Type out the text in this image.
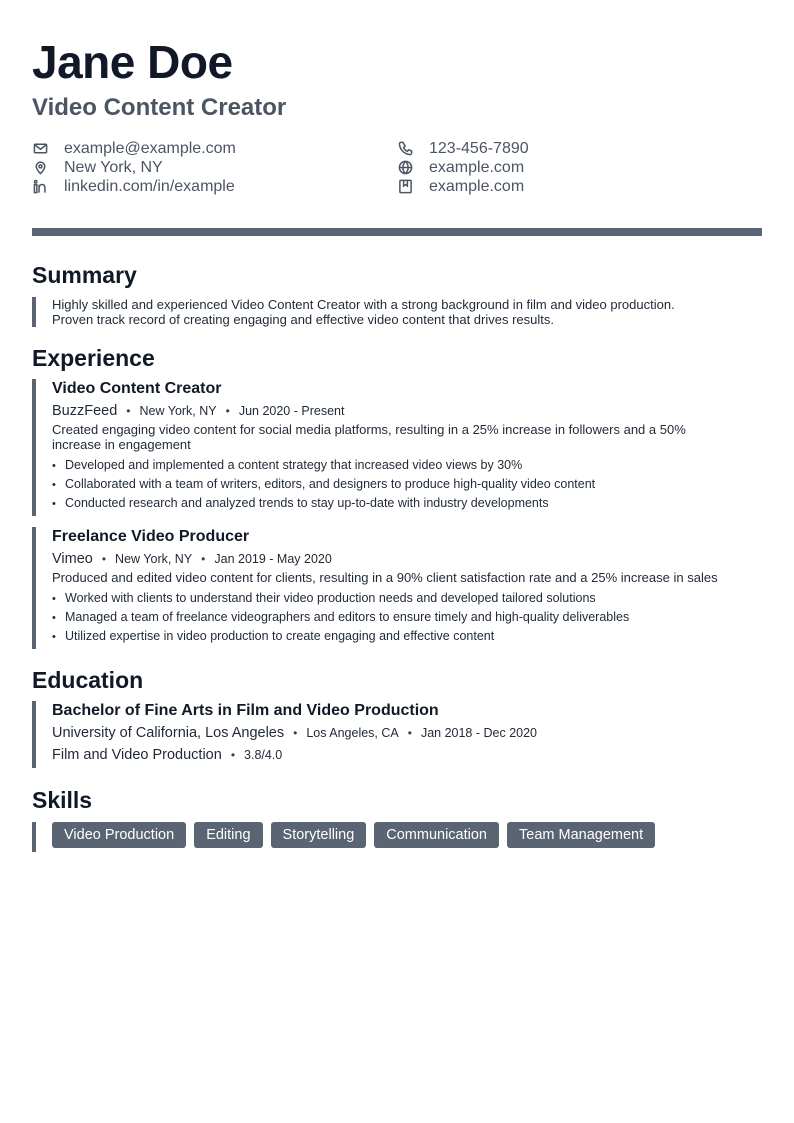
Jane Doe
Video Content Creator
example@example.com
New York, NY
linkedin.com/in/example
123-456-7890
example.com
example.com
Summary
Highly skilled and experienced Video Content Creator with a strong background in film and video production.
Proven track record of creating engaging and effective video content that drives results.
Experience
Video Content Creator
BuzzFeed • New York, NY • Jun 2020 - Present
Created engaging video content for social media platforms, resulting in a 25% increase in followers and a 50%
increase in engagement
• Developed and implemented a content strategy that increased video views by 30%
• Collaborated with a team of writers, editors, and designers to produce high-quality video content
• Conducted research and analyzed trends to stay up-to-date with industry developments
Freelance Video Producer
Vimeo • New York, NY • Jan 2019 - May 2020
Produced and edited video content for clients, resulting in a 90% client satisfaction rate and a 25% increase in sales
• Worked with clients to understand their video production needs and developed tailored solutions
• Managed a team of freelance videographers and editors to ensure timely and high-quality deliverables
• Utilized expertise in video production to create engaging and effective content
Education
Bachelor of Fine Arts in Film and Video Production
University of California, Los Angeles • Los Angeles, CA • Jan 2018 - Dec 2020
Film and Video Production • 3.8/4.0
Skills
Video Production	Editing	Storytelling	Communication	Team Management
